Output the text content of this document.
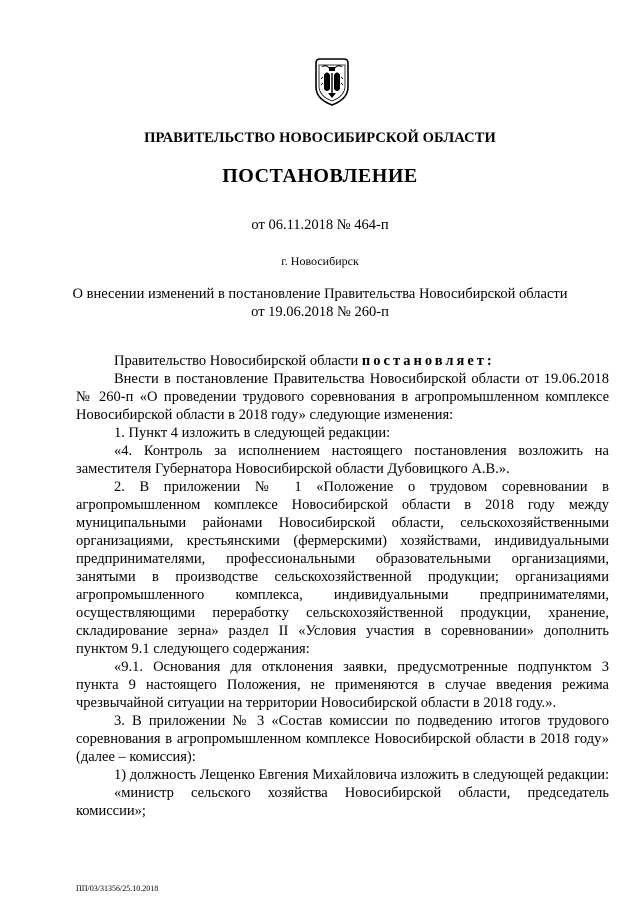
ПРАВИТЕЛЬСТВО НОВОСИБИРСКОЙ ОБЛАСТИ
ПОСТАНОВЛЕНИЕ
от 06.11.2018 № 464-п
г. Новосибирск
О внесении изменений в постановление Правительства Новосибирской области
от 19.06.2018 № 260-п

Правительство Новосибирской области постановляет:

Внести в постановление Правительства Новосибирской области от 19.06.2018 № 260-п «О проведении трудового соревнования в агропромышленном комплексе Новосибирской области в 2018 году» следующие изменения:

1. Пункт 4 изложить в следующей редакции:

«4. Контроль за исполнением настоящего постановления возложить на заместителя Губернатора Новосибирской области Дубовицкого А.В.».

2. В приложении № 1 «Положение о трудовом соревновании в агропромышленном комплексе Новосибирской области в 2018 году между муниципальными районами Новосибирской области, сельскохозяйственными организациями, крестьянскими (фермерскими) хозяйствами, индивидуальными предпринимателями, профессиональными образовательными организациями, занятыми в производстве сельскохозяйственной продукции; организациями агропромышленного комплекса, индивидуальными предпринимателями, осуществляющими переработку сельскохозяйственной продукции, хранение, складирование зерна» раздел II «Условия участия в соревновании» дополнить пунктом 9.1 следующего содержания:

«9.1. Основания для отклонения заявки, предусмотренные подпунктом 3 пункта 9 настоящего Положения, не применяются в случае введения режима чрезвычайной ситуации на территории Новосибирской области в 2018 году.».

3. В приложении № 3 «Состав комиссии по подведению итогов трудового соревнования в агропромышленном комплексе Новосибирской области в 2018 году» (далее – комиссия):

1) должность Лещенко Евгения Михайловича изложить в следующей редакции:

«министр сельского хозяйства Новосибирской области, председатель комиссии»;

ПП/03/31356/25.10.2018
